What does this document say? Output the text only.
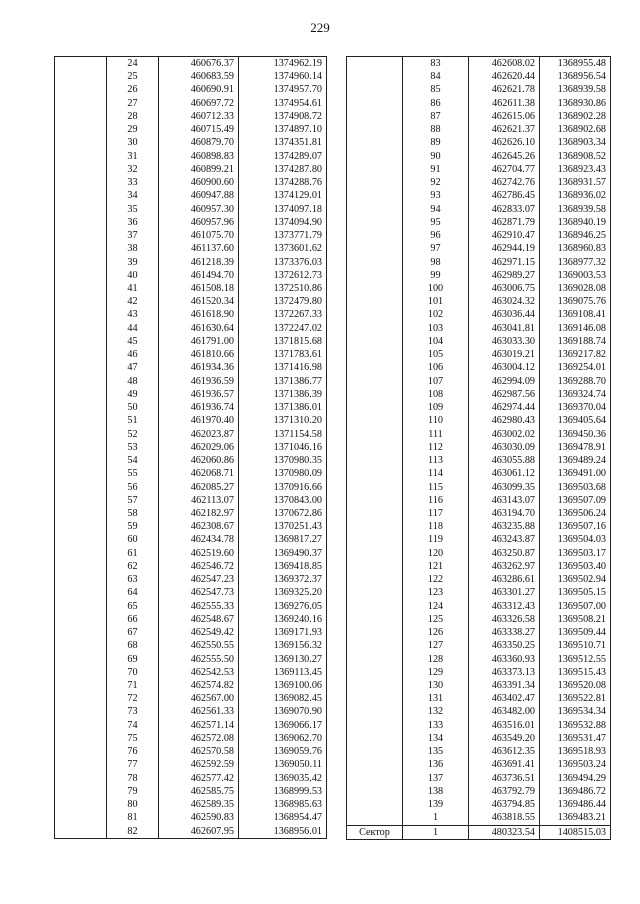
229
	24	460676.37	1374962.19
	25	460683.59	1374960.14
	26	460690.91	1374957.70
	27	460697.72	1374954.61
	28	460712.33	1374908.72
	29	460715.49	1374897.10
	30	460879.70	1374351.81
	31	460898.83	1374289.07
	32	460899.21	1374287.80
	33	460900.60	1374288.76
	34	460947.88	1374129.01
	35	460957.30	1374097.18
	36	460957.96	1374094.90
	37	461075.70	1373771.79
	38	461137.60	1373601.62
	39	461218.39	1373376.03
	40	461494.70	1372612.73
	41	461508.18	1372510.86
	42	461520.34	1372479.80
	43	461618.90	1372267.33
	44	461630.64	1372247.02
	45	461791.00	1371815.68
	46	461810.66	1371783.61
	47	461934.36	1371416.98
	48	461936.59	1371386.77
	49	461936.57	1371386.39
	50	461936.74	1371386.01
	51	461970.40	1371310.20
	52	462023.87	1371154.58
	53	462029.06	1371046.16
	54	462060.86	1370980.35
	55	462068.71	1370980.09
	56	462085.27	1370916.66
	57	462113.07	1370843.00
	58	462182.97	1370672.86
	59	462308.67	1370251.43
	60	462434.78	1369817.27
	61	462519.60	1369490.37
	62	462546.72	1369418.85
	63	462547.23	1369372.37
	64	462547.73	1369325.20
	65	462555.33	1369276.05
	66	462548.67	1369240.16
	67	462549.42	1369171.93
	68	462550.55	1369156.32
	69	462555.50	1369130.27
	70	462542.53	1369113.45
	71	462574.82	1369100.06
	72	462567.00	1369082.45
	73	462561.33	1369070.90
	74	462571.14	1369066.17
	75	462572.08	1369062.70
	76	462570.58	1369059.76
	77	462592.59	1369050.11
	78	462577.42	1369035.42
	79	462585.75	1368999.53
	80	462589.35	1368985.63
	81	462590.83	1368954.47
	82	462607.95	1368956.01
	83	462608.02	1368955.48
	84	462620.44	1368956.54
	85	462621.78	1368939.58
	86	462611.38	1368930.86
	87	462615.06	1368902.28
	88	462621.37	1368902.68
	89	462626.10	1368903.34
	90	462645.26	1368908.52
	91	462704.77	1368923.43
	92	462742.76	1368931.57
	93	462786.45	1368936.02
	94	462833.07	1368939.58
	95	462871.79	1368940.19
	96	462910.47	1368946.25
	97	462944.19	1368960.83
	98	462971.15	1368977.32
	99	462989.27	1369003.53
	100	463006.75	1369028.08
	101	463024.32	1369075.76
	102	463036.44	1369108.41
	103	463041.81	1369146.08
	104	463033.30	1369188.74
	105	463019.21	1369217.82
	106	463004.12	1369254.01
	107	462994.09	1369288.70
	108	462987.56	1369324.74
	109	462974.44	1369370.04
	110	462980.43	1369405.64
	111	463002.02	1369450.36
	112	463030.09	1369478.91
	113	463055.88	1369489.24
	114	463061.12	1369491.00
	115	463099.35	1369503.68
	116	463143.07	1369507.09
	117	463194.70	1369506.24
	118	463235.88	1369507.16
	119	463243.87	1369504.03
	120	463250.87	1369503.17
	121	463262.97	1369503.40
	122	463286.61	1369502.94
	123	463301.27	1369505.15
	124	463312.43	1369507.00
	125	463326.58	1369508.21
	126	463338.27	1369509.44
	127	463350.25	1369510.71
	128	463360.93	1369512.55
	129	463373.13	1369515.43
	130	463391.34	1369520.08
	131	463402.47	1369522.81
	132	463482.00	1369534.34
	133	463516.01	1369532.88
	134	463549.20	1369531.47
	135	463612.35	1369518.93
	136	463691.41	1369503.24
	137	463736.51	1369494.29
	138	463792.79	1369486.72
	139	463794.85	1369486.44
	1	463818.55	1369483.21
Сектор	1	480323.54	1408515.03
